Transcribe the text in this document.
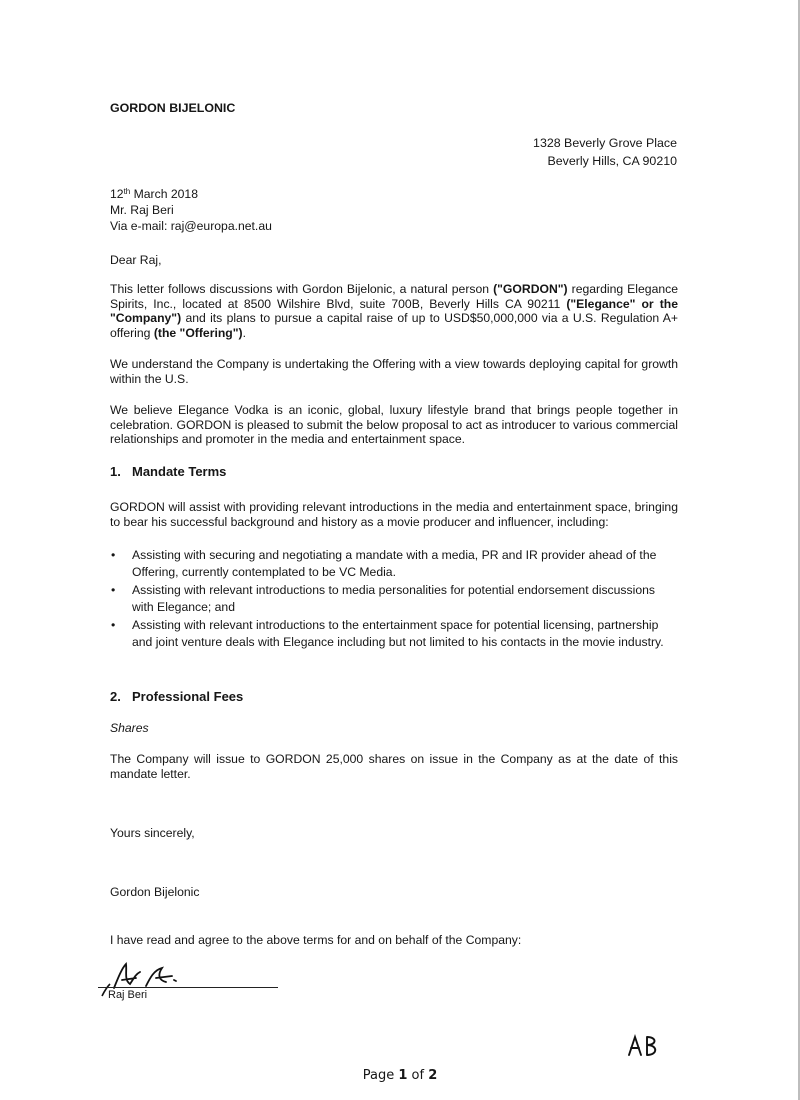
GORDON BIJELONIC
1328 Beverly Grove Place
Beverly Hills, CA 90210
12th March 2018
Mr. Raj Beri
Via e-mail: raj@europa.net.au
Dear Raj,
This letter follows discussions with Gordon Bijelonic, a natural person ("GORDON") regarding Elegance Spirits, Inc., located at 8500 Wilshire Blvd, suite 700B, Beverly Hills CA 90211 ("Elegance" or the "Company") and its plans to pursue a capital raise of up to USD$50,000,000 via a U.S. Regulation A+ offering (the "Offering").
We understand the Company is undertaking the Offering with a view towards deploying capital for growth within the U.S.
We believe Elegance Vodka is an iconic, global, luxury lifestyle brand that brings people together in celebration. GORDON is pleased to submit the below proposal to act as introducer to various commercial relationships and promoter in the media and entertainment space.
1. Mandate Terms
GORDON will assist with providing relevant introductions in the media and entertainment space, bringing to bear his successful background and history as a movie producer and influencer, including:
• Assisting with securing and negotiating a mandate with a media, PR and IR provider ahead of the Offering, currently contemplated to be VC Media.
• Assisting with relevant introductions to media personalities for potential endorsement discussions with Elegance; and
• Assisting with relevant introductions to the entertainment space for potential licensing, partnership and joint venture deals with Elegance including but not limited to his contacts in the movie industry.
2. Professional Fees
Shares
The Company will issue to GORDON 25,000 shares on issue in the Company as at the date of this mandate letter.
Yours sincerely,
Gordon Bijelonic
I have read and agree to the above terms for and on behalf of the Company:
Raj Beri
Page 1 of 2
